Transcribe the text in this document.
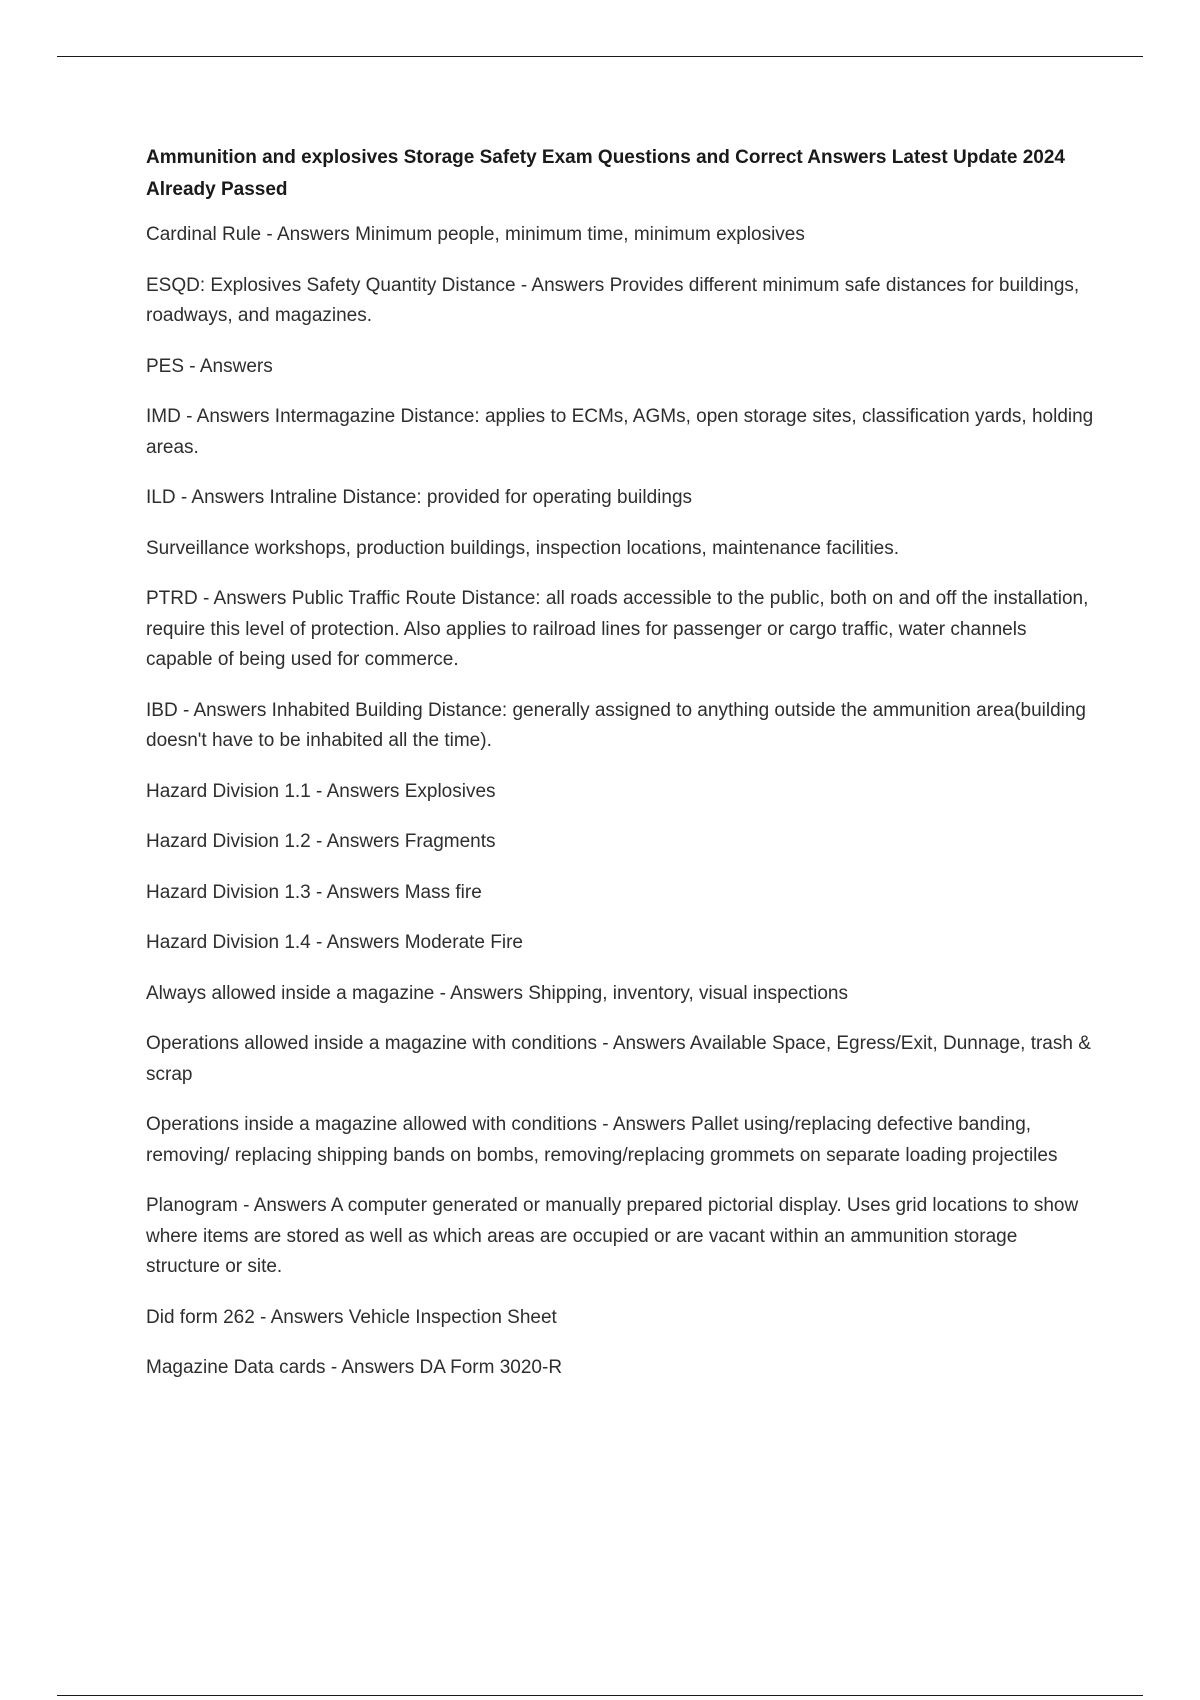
Ammunition and explosives Storage Safety Exam Questions and Correct Answers Latest Update 2024 Already Passed
Cardinal Rule - Answers Minimum people, minimum time, minimum explosives
ESQD: Explosives Safety Quantity Distance - Answers Provides different minimum safe distances for buildings, roadways, and magazines.
PES - Answers
IMD - Answers Intermagazine Distance: applies to ECMs, AGMs, open storage sites, classification yards, holding areas.
ILD - Answers Intraline Distance: provided for operating buildings
Surveillance workshops, production buildings, inspection locations, maintenance facilities.
PTRD - Answers Public Traffic Route Distance: all roads accessible to the public, both on and off the installation, require this level of protection. Also applies to railroad lines for passenger or cargo traffic, water channels capable of being used for commerce.
IBD - Answers Inhabited Building Distance: generally assigned to anything outside the ammunition area(building doesn't have to be inhabited all the time).
Hazard Division 1.1 - Answers Explosives
Hazard Division 1.2 - Answers Fragments
Hazard Division 1.3 - Answers Mass fire
Hazard Division 1.4 - Answers Moderate Fire
Always allowed inside a magazine - Answers Shipping, inventory, visual inspections
Operations allowed inside a magazine with conditions - Answers Available Space, Egress/Exit, Dunnage, trash & scrap
Operations inside a magazine allowed with conditions - Answers Pallet using/replacing defective banding, removing/ replacing shipping bands on bombs, removing/replacing grommets on separate loading projectiles
Planogram - Answers A computer generated or manually prepared pictorial display. Uses grid locations to show where items are stored as well as which areas are occupied or are vacant within an ammunition storage structure or site.
Did form 262 - Answers Vehicle Inspection Sheet
Magazine Data cards - Answers DA Form 3020-R
